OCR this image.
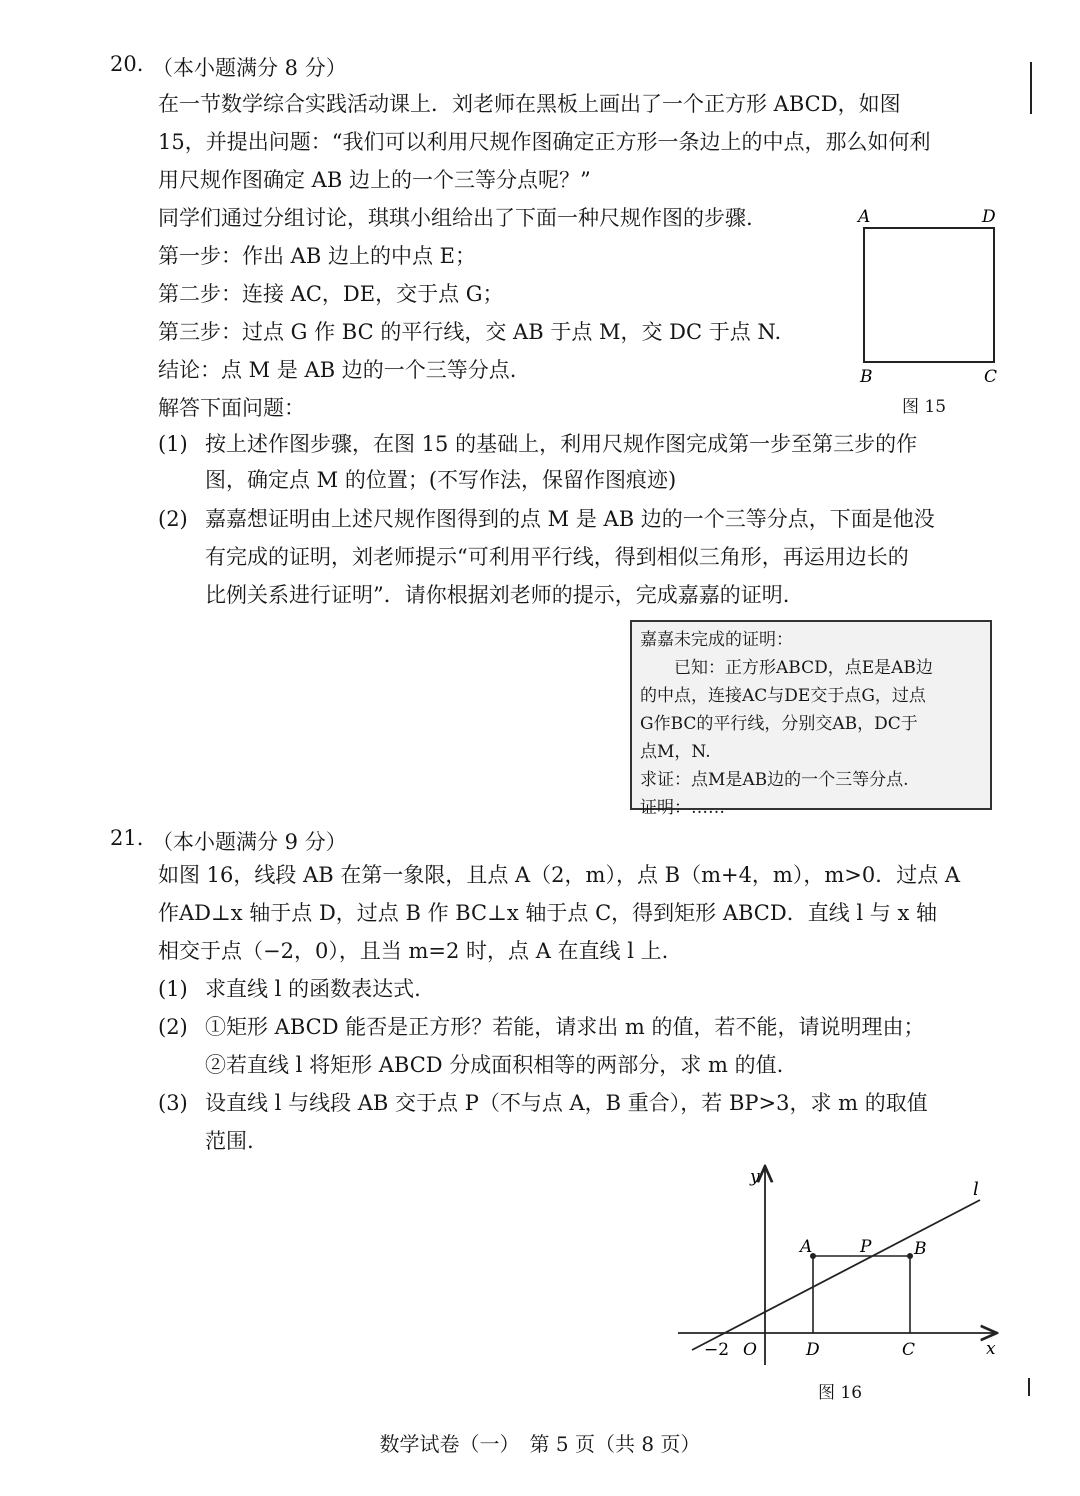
20. （本小题满分 8 分）
在一节数学综合实践活动课上．刘老师在黑板上画出了一个正方形 ABCD，如图
15，并提出问题：“我们可以利用尺规作图确定正方形一条边上的中点，那么如何利
用尺规作图确定 AB 边上的一个三等分点呢？”
同学们通过分组讨论，琪琪小组给出了下面一种尺规作图的步骤.
第一步：作出 AB 边上的中点 E；
第二步：连接 AC，DE，交于点 G；
第三步：过点 G 作 BC 的平行线，交 AB 于点 M，交 DC 于点 N.
结论：点 M 是 AB 边的一个三等分点.
解答下面问题：
A	D
B	C
图 15
(1) 按上述作图步骤，在图 15 的基础上，利用尺规作图完成第一步至第三步的作
图，确定点 M 的位置；(不写作法，保留作图痕迹)
(2) 嘉嘉想证明由上述尺规作图得到的点 M 是 AB 边的一个三等分点，下面是他没
有完成的证明，刘老师提示“可利用平行线，得到相似三角形，再运用边长的
比例关系进行证明”．请你根据刘老师的提示，完成嘉嘉的证明.
嘉嘉未完成的证明：
　　已知：正方形ABCD，点E是AB边
的中点，连接AC与DE交于点G，过点
G作BC的平行线，分别交AB，DC于
点M，N.
求证：点M是AB边的一个三等分点.
证明：……
21. （本小题满分 9 分）
如图 16，线段 AB 在第一象限，且点 A（2，m），点 B（m+4，m），m>0．过点 A
作AD⊥x 轴于点 D，过点 B 作 BC⊥x 轴于点 C，得到矩形 ABCD．直线 l 与 x 轴
相交于点（−2，0），且当 m=2 时，点 A 在直线 l 上.
(1) 求直线 l 的函数表达式.
(2) ①矩形 ABCD 能否是正方形？若能，请求出 m 的值，若不能，请说明理由；
②若直线 l 将矩形 ABCD 分成面积相等的两部分，求 m 的值.
(3) 设直线 l 与线段 AB 交于点 P（不与点 A，B 重合），若 BP>3，求 m 的取值
范围.
y
x
l
O
−2
A	P	B
D	C
图 16
数学试卷（一）　第 5 页（共 8 页）
